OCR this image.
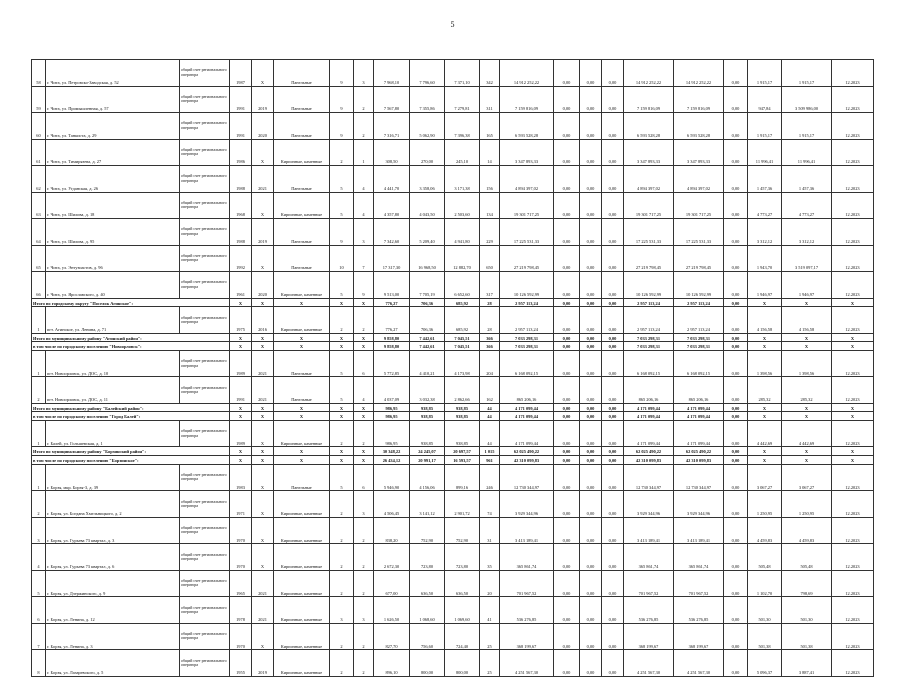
5
58	г. Чита, ул. Петровско-Заводская, д. 52	общий счет регионального оператора	1987	X	Панельные	9	3	7 968,10	7 796,60	7 371,10	342	14 912 252,22	0,00	0,00	0,00	14 912 252,22	14 912 252,22	0,00	1 915,17	1 915,17	12.2023
59	г. Чита, ул. Промышленная, д. 57	общий счет регионального оператора	1991	2019	Панельные	9	2	7 567,80	7 355,86	7 279,81	311	7 159 816,09	0,00	0,00	0,00	7 159 816,09	7 159 816,09	0,00	947,84	3 509 986,00	12.2023
60	г. Чита, ул. Танкиста, д. 29	общий счет регионального оператора	1991	2020	Панельные	9	2	7 316,71	5 062,90	7 396,38	165	6 593 528,28	0,00	0,00	0,00	6 593 528,28	6 593 528,28	0,00	1 915,17	1 915,17	12.2023
61	г. Чита, ул. Тимирязева, д. 27	общий счет регионального оператора	1986	X	Кирпичные, каменные	2	1	308,50	270,00	245,10	14	3 347 893,33	0,00	0,00	0,00	3 347 893,33	3 347 893,33	0,00	11 996,41	11 996,41	12.2023
62	г. Чита, ул. Угданская, д. 26	общий счет регионального оператора	1988	2021	Панельные	5	4	4 441,70	3 358,06	3 171,38	156	4 894 397,02	0,00	0,00	0,00	4 894 397,02	4 894 397,02	0,00	1 457,36	1 457,36	12.2023
63	г. Чита, ул. Шилова, д. 18	общий счет регионального оператора	1968	X	Кирпичные, каменные	5	4	4 357,80	4 043,50	2 503,60	134	19 301 717,25	0,00	0,00	0,00	19 301 717,25	19 301 717,25	0,00	4 773,27	4 773,27	12.2023
64	г. Чита, ул. Шилова, д. 95	общий счет регионального оператора	1988	2019	Панельные	9	3	7 342,60	5 209,40	4 941,80	229	17 225 531,33	0,00	0,00	0,00	17 225 531,33	17 225 531,33	0,00	3 312,12	3 312,12	12.2023
65	г. Чита, ул. Энтузиастов, д. 96	общий счет регионального оператора	1992	X	Панельные	10	7	17 317,30	16 968,50	12 882,70	650	27 219 798,45	0,00	0,00	0,00	27 219 798,45	27 219 798,45	0,00	1 943,70	3 519 097,17	12.2023
66	г. Чита, ул. Ярославского, д. 40	общий счет регионального оператора	1961	2020	Кирпичные, каменные	5	9	9 513,00	7 705,19	6 652,60	317	10 126 592,99	0,00	0,00	0,00	10 126 592,99	10 126 592,99	0,00	1 946,97	1 946,97	12.2023
Итого по городскому округу "Поселок Агинское":			X	X	X	X	X	776,27	706,36	685,92	28	2 957 113,24	0,00	0,00	0,00	2 957 113,24	2 957 113,24	0,00	X	X	X
1	пгт. Агинское, ул. Ленина, д. 71	общий счет регионального оператора	1975	2016	Кирпичные, каменные	2	2	776,27	706,36	685,92	28	2 957 113,24	0,00	0,00	0,00	2 957 113,24	2 957 113,24	0,00	4 156,58	4 156,58	12.2023
Итого по муниципальному району "Агинский район":			X	X	X	X	X	9 858,80	7 442,61	7 045,51	366	7 033 298,31	0,00	0,00	0,00	7 033 298,31	7 033 298,31	0,00	X	X	X
в том числе по городскому поселению "Новоорловск":			X	X	X	X	X	9 858,80	7 442,61	7 045,51	366	7 033 298,31	0,00	0,00	0,00	7 033 298,31	7 033 298,31	0,00	X	X	X
1	пгт. Новоорловск, ул. ДОС, д. 10	общий счет регионального оператора	1989	2021	Панельные	5	6	5 772,85	4 410,21	4 173,98	204	6 168 092,15	0,00	0,00	0,00	6 168 092,15	6 168 092,15	0,00	1 398,56	1 398,56	12.2023
2	пгт. Новоорловск, ул. ДОС, д. 11	общий счет регионального оператора	1991	2021	Панельные	5	4	4 037,09	3 032,38	2 862,66	162	865 206,16	0,00	0,00	0,00	865 206,16	865 206,16	0,00	285,32	285,32	12.2023
Итого по муниципальному району "Балейский район":			X	X	X	X	X	986,95	938,85	938,85	44	4 171 099,44	0,00	0,00	0,00	4 171 099,44	4 171 099,44	0,00	X	X	X
в том числе по городскому поселению "Город Балей":			X	X	X	X	X	986,95	938,85	938,85	44	4 171 099,44	0,00	0,00	0,00	4 171 099,44	4 171 099,44	0,00	X	X	X
1	г. Балей, ул. Гольшевская, д. 1	общий счет регионального оператора	1989	X	Кирпичные, каменные	2	2	986,95	938,85	938,85	44	4 171 099,44	0,00	0,00	0,00	4 171 099,44	4 171 099,44	0,00	4 442,69	4 442,69	12.2023
Итого по муниципальному району "Борзинский район":			X	X	X	X	X	30 348,22	24 245,07	20 697,57	1 015	62 025 490,22	0,00	0,00	0,00	62 025 490,22	62 025 490,22	0,00	X	X	X
в том числе по городскому поселению "Борзинское":			X	X	X	X	X	26 434,12	20 991,17	16 593,57	961	42 310 099,83	0,00	0,00	0,00	42 310 099,83	42 310 099,83	0,00	X	X	X
1	г. Борзя, мкр. Борзя-3, д. 39	общий счет регионального оператора	1983	X	Панельные	5	6	5 946,90	4 156,06	899,16	246	12 730 344,97	0,00	0,00	0,00	12 730 344,97	12 730 344,97	0,00	3 067,27	3 067,27	12.2023
2	г. Борзя, ул. Богдана Хмельницкого, д. 2	общий счет регионального оператора	1971	X	Кирпичные, каменные	2	3	4 506,45	3 141,12	2 901,72	74	3 929 344,96	0,00	0,00	0,00	3 929 344,96	3 929 344,96	0,00	1 250,95	1 250,95	12.2023
3	г. Борзя, ул. Гурьева 73 квартал, д. 3	общий счет регионального оператора	1970	X	Кирпичные, каменные	2	2	838,20	752,90	752,90	31	3 413 189,41	0,00	0,00	0,00	3 413 189,41	3 413 189,41	0,00	4 459,83	4 459,83	12.2023
4	г. Борзя, ул. Гурьева 73 квартал, д. 6	общий счет регионального оператора	1970	X	Кирпичные, каменные	2	2	2 672,30	723,80	723,80	35	365 861,74	0,00	0,00	0,00	365 861,74	365 861,74	0,00	505,48	505,48	12.2023
5	г. Борзя, ул. Дзержинского, д. 9	общий счет регионального оператора	1965	2021	Кирпичные, каменные	2	2	677,00	636,50	636,50	20	701 967,52	0,00	0,00	0,00	701 967,52	701 967,52	0,00	1 102,70	798,69	12.2023
6	г. Борзя, ул. Ленина, д. 12	общий счет регионального оператора	1978	2021	Кирпичные, каменные	3	3	1 626,50	1 068,60	1 069,60	41	536 276,85	0,00	0,00	0,00	536 276,85	536 276,85	0,00	501,30	501,30	12.2023
7	г. Борзя, ул. Ленина, д. 3	общий счет регионального оператора	1970	X	Кирпичные, каменные	2	2	827,70	756,60	724,40	25	368 199,67	0,00	0,00	0,00	368 199,67	368 199,67	0,00	501,38	501,38	12.2023
8	г. Борзя, ул. Лазаревского, д. 5	общий счет регионального оператора	1955	2019	Кирпичные, каменные	2	2	896,10	800,00	800,00	25	4 251 567,30	0,00	0,00	0,00	4 251 567,30	4 251 567,30	0,00	5 096,37	3 887,41	12.2023
